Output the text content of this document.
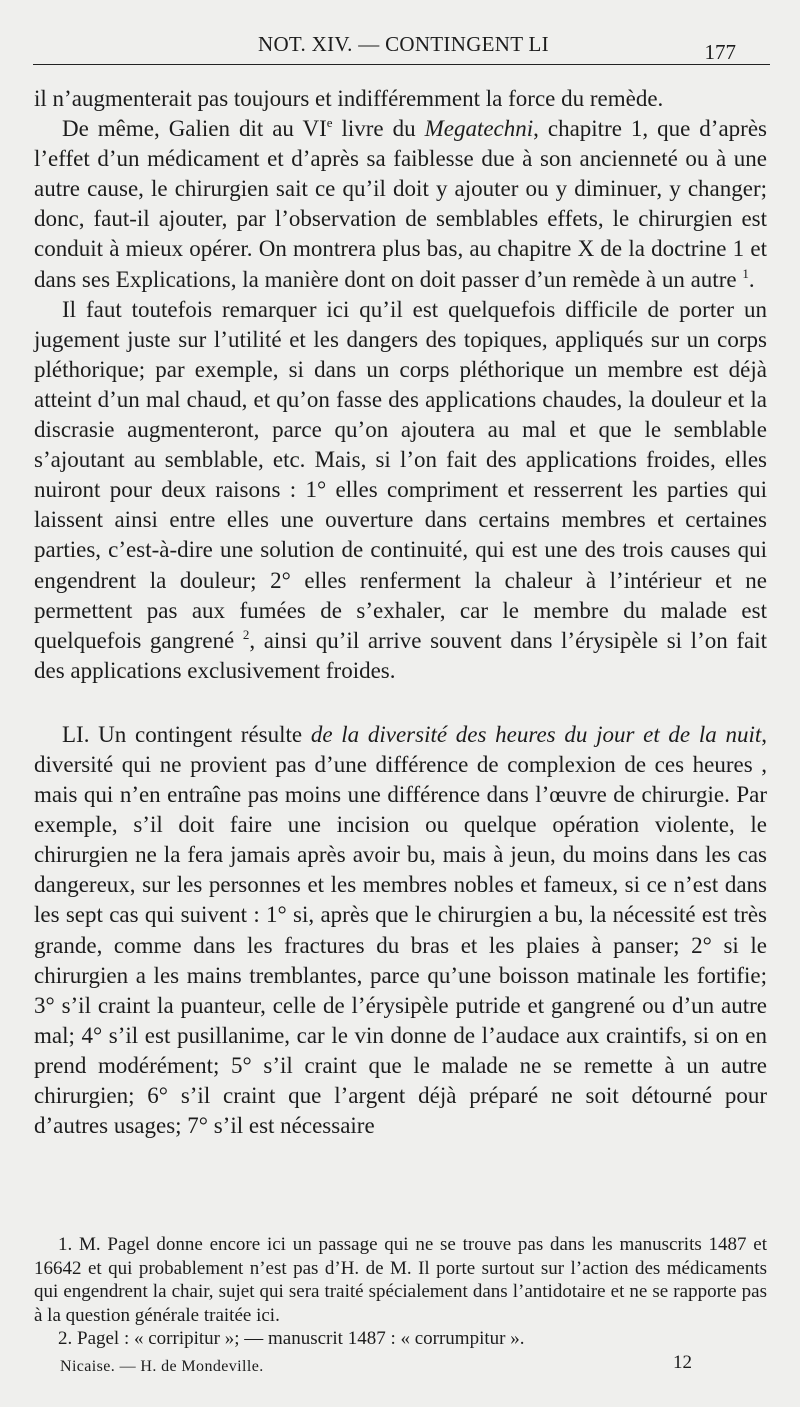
NOT. XIV. — CONTINGENT LI	177

il n’augmenterait pas toujours et indifféremment la force du remède.

De même, Galien dit au VIe livre du Megatechni, chapitre 1, que d’après l’effet d’un médicament et d’après sa faiblesse due à son ancienneté ou à une autre cause, le chirurgien sait ce qu’il doit y ajouter ou y diminuer, y changer; donc, faut-il ajouter, par l’observation de semblables effets, le chirurgien est conduit à mieux opérer. On montrera plus bas, au chapitre X de la doctrine 1 et dans ses Explications, la manière dont on doit passer d’un remède à un autre $^1$.

Il faut toutefois remarquer ici qu’il est quelquefois difficile de porter un jugement juste sur l’utilité et les dangers des topiques, appliqués sur un corps pléthorique; par exemple, si dans un corps pléthorique un membre est déjà atteint d’un mal chaud, et qu’on fasse des applications chaudes, la douleur et la discrasie augmenteront, parce qu’on ajoutera au mal et que le semblable s’ajoutant au semblable, etc. Mais, si l’on fait des applications froides, elles nuiront pour deux raisons : 1° elles compriment et resserrent les parties qui laissent ainsi entre elles une ouverture dans certains membres et certaines parties, c’est-à-dire une solution de continuité, qui est une des trois causes qui engendrent la douleur; 2° elles renferment la chaleur à l’intérieur et ne permettent pas aux fumées de s’exhaler, car le membre du malade est quelquefois gangrené $^2$, ainsi qu’il arrive souvent dans l’érysipèle si l’on fait des applications exclusivement froides.

LI. Un contingent résulte de la diversité des heures du jour et de la nuit, diversité qui ne provient pas d’une différence de complexion de ces heures , mais qui n’en entraîne pas moins une différence dans l’œuvre de chirurgie. Par exemple, s’il doit faire une incision ou quelque opération violente, le chirurgien ne la fera jamais après avoir bu, mais à jeun, du moins dans les cas dangereux, sur les personnes et les membres nobles et fameux, si ce n’est dans les sept cas qui suivent : 1° si, après que le chirurgien a bu, la nécessité est très grande, comme dans les fractures du bras et les plaies à panser; 2° si le chirurgien a les mains tremblantes, parce qu’une boisson matinale les fortifie; 3° s’il craint la puanteur, celle de l’érysipèle putride et gangrené ou d’un autre mal; 4° s’il est pusillanime, car le vin donne de l’audace aux craintifs, si on en prend modérément; 5° s’il craint que le malade ne se remette à un autre chirurgien; 6° s’il craint que l’argent déjà préparé ne soit détourné pour d’autres usages; 7° s’il est nécessaire

1. M. Pagel donne encore ici un passage qui ne se trouve pas dans les manuscrits 1487 et 16642 et qui probablement n’est pas d’H. de M. Il porte surtout sur l’action des médicaments qui engendrent la chair, sujet qui sera traité spécialement dans l’antidotaire et ne se rapporte pas à la question générale traitée ici.

2. Pagel : « corripitur »; — manuscrit 1487 : « corrumpitur ».

Nicaise. — H. de Mondeville.	12
